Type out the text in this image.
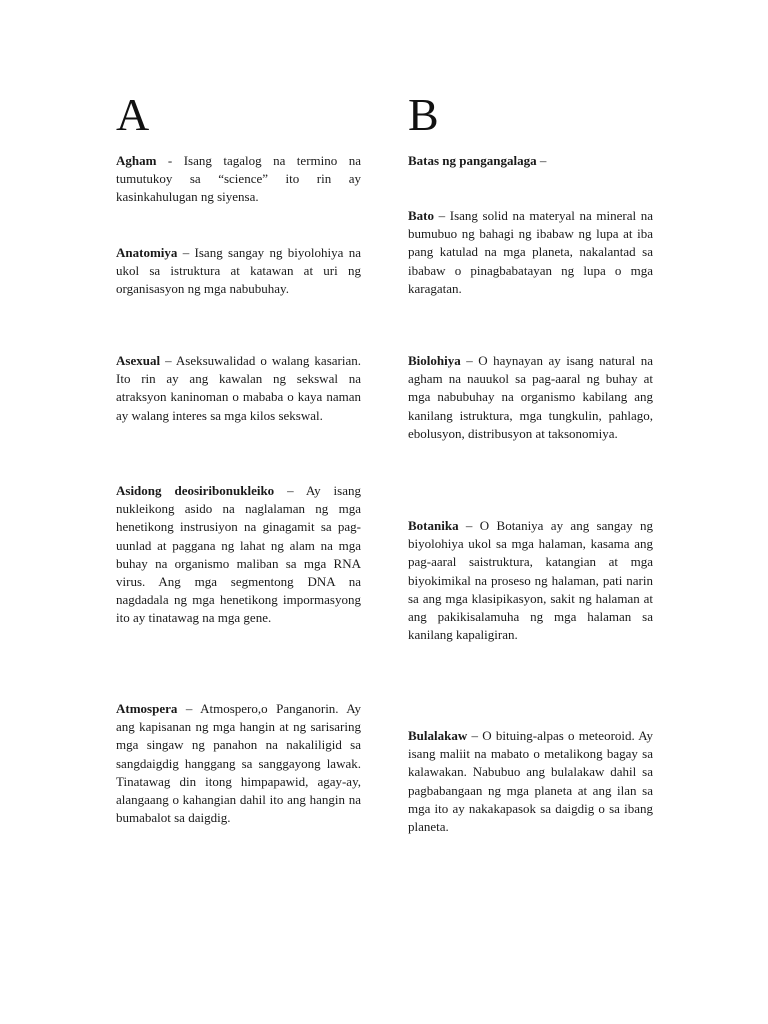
A

Agham - Isang tagalog na termino na tumutukoy sa “science” ito rin ay kasinkahulugan ng siyensa.

Anatomiya – Isang sangay ng biyolohiya na ukol sa istruktura at katawan at uri ng organisasyon ng mga nabubuhay.

Asexual – Aseksuwalidad o walang kasarian. Ito rin ay ang kawalan ng sekswal na atraksyon kaninoman o mababa o kaya naman ay walang interes sa mga kilos sekswal.

Asidong deosiribonukleiko – Ay isang nukleikong asido na naglalaman ng mga henetikong instrusiyon na ginagamit sa pag-uunlad at paggana ng lahat ng alam na mga buhay na organismo maliban sa mga RNA virus. Ang mga segmentong DNA na nagdadala ng mga henetikong impormasyong ito ay tinatawag na mga gene.

Atmospera – Atmospero,o Panganorin. Ay ang kapisanan ng mga hangin at ng sarisaring mga singaw ng panahon na nakaliligid sa sangdaigdig hanggang sa sanggayong lawak. Tinatawag din itong himpapawid, agay-ay, alangaang o kahangian dahil ito ang hangin na bumabalot sa daigdig.

B

Batas ng pangangalaga –

Bato – Isang solid na materyal na mineral na bumubuo ng bahagi ng ibabaw ng lupa at iba pang katulad na mga planeta, nakalantad sa ibabaw o pinagbabatayan ng lupa o mga karagatan.

Biolohiya – O haynayan ay isang natural na agham na nauukol sa pag-aaral ng buhay at mga nabubuhay na organismo kabilang ang kanilang istruktura, mga tungkulin, pahlago, ebolusyon, distribusyon at taksonomiya.

Botanika – O Botaniya ay ang sangay ng biyolohiya ukol sa mga halaman, kasama ang pag-aaral saistruktura, katangian at mga biyokimikal na proseso ng halaman, pati narin sa ang mga klasipikasyon, sakit ng halaman at ang pakikisalamuha ng mga halaman sa kanilang kapaligiran.

Bulalakaw – O bituing-alpas o meteoroid. Ay isang maliit na mabato o metalikong bagay sa kalawakan. Nabubuo ang bulalakaw dahil sa pagbabangaan ng mga planeta at ang ilan sa mga ito ay nakakapasok sa daigdig o sa ibang planeta.
